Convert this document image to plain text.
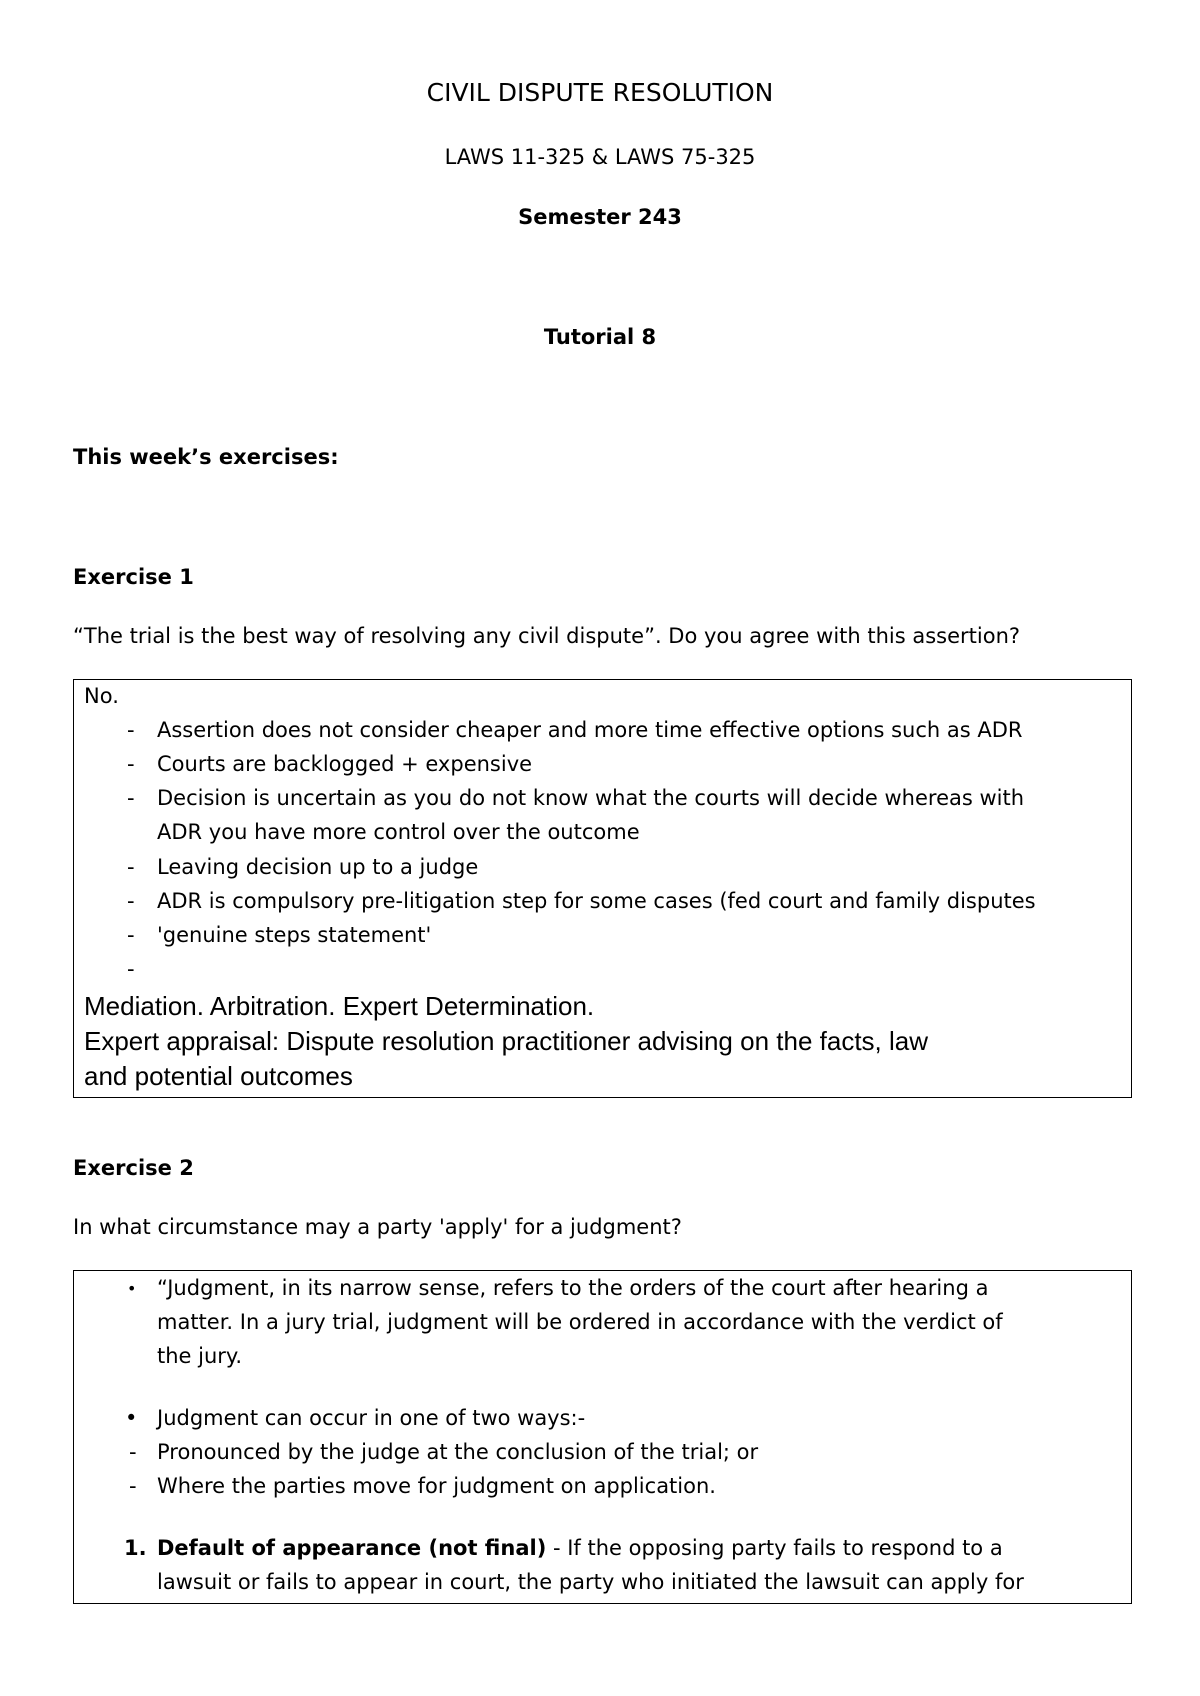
CIVIL DISPUTE RESOLUTION
LAWS 11-325 & LAWS 75-325
Semester 243
Tutorial 8
This week’s exercises:
Exercise 1
“The trial is the best way of resolving any civil dispute”. Do you agree with this assertion?
No.
- Assertion does not consider cheaper and more time effective options such as ADR
- Courts are backlogged + expensive
- Decision is uncertain as you do not know what the courts will decide whereas with
ADR you have more control over the outcome
- Leaving decision up to a judge
- ADR is compulsory pre-litigation step for some cases (fed court and family disputes
- 'genuine steps statement'
-
Mediation. Arbitration. Expert Determination.
Expert appraisal: Dispute resolution practitioner advising on the facts, law
and potential outcomes
Exercise 2
In what circumstance may a party 'apply' for a judgment?
• “Judgment, in its narrow sense, refers to the orders of the court after hearing a
matter. In a jury trial, judgment will be ordered in accordance with the verdict of
the jury.
• Judgment can occur in one of two ways:-
- Pronounced by the judge at the conclusion of the trial; or
- Where the parties move for judgment on application.
1. Default of appearance (not final) - If the opposing party fails to respond to a
lawsuit or fails to appear in court, the party who initiated the lawsuit can apply for
